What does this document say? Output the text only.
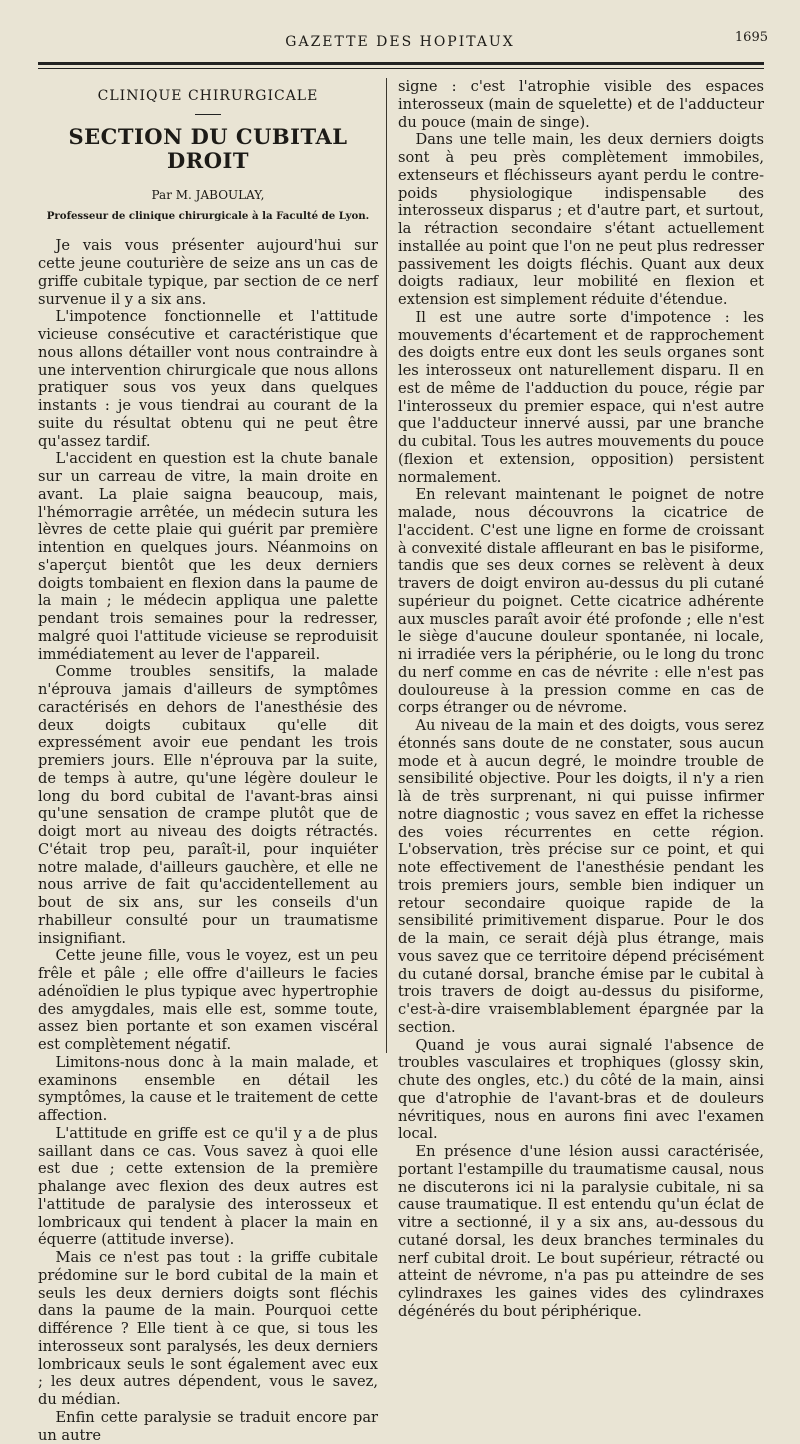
GAZETTE DES HOPITAUX	1695
CLINIQUE CHIRURGICALE
SECTION DU CUBITAL DROIT
Par M. JABOULAY,
Professeur de clinique chirurgicale à la Faculté de Lyon.

Je vais vous présenter aujourd'hui sur cette jeune couturière de seize ans un cas de griffe cubitale typique, par section de ce nerf survenue il y a six ans.

L'impotence fonctionnelle et l'attitude vicieuse consécutive et caractéristique que nous allons détailler vont nous contraindre à une intervention chirurgicale que nous allons pratiquer sous vos yeux dans quelques instants : je vous tiendrai au courant de la suite du résultat obtenu qui ne peut être qu'assez tardif.

L'accident en question est la chute banale sur un carreau de vitre, la main droite en avant. La plaie saigna beaucoup, mais, l'hémorragie arrêtée, un médecin sutura les lèvres de cette plaie qui guérit par première intention en quelques jours. Néanmoins on s'aperçut bientôt que les deux derniers doigts tombaient en flexion dans la paume de la main ; le médecin appliqua une palette pendant trois semaines pour la redresser, malgré quoi l'attitude vicieuse se reproduisit immédiatement au lever de l'appareil.

Comme troubles sensitifs, la malade n'éprouva jamais d'ailleurs de symptômes caractérisés en dehors de l'anesthésie des deux doigts cubitaux qu'elle dit expressément avoir eue pendant les trois premiers jours. Elle n'éprouva par la suite, de temps à autre, qu'une légère douleur le long du bord cubital de l'avant-bras ainsi qu'une sensation de crampe plutôt que de doigt mort au niveau des doigts rétractés. C'était trop peu, paraît-il, pour inquiéter notre malade, d'ailleurs gauchère, et elle ne nous arrive de fait qu'accidentellement au bout de six ans, sur les conseils d'un rhabilleur consulté pour un traumatisme insignifiant.

Cette jeune fille, vous le voyez, est un peu frêle et pâle ; elle offre d'ailleurs le facies adénoïdien le plus typique avec hypertrophie des amygdales, mais elle est, somme toute, assez bien portante et son examen viscéral est complètement négatif.

Limitons-nous donc à la main malade, et examinons ensemble en détail les symptômes, la cause et le traitement de cette affection.

L'attitude en griffe est ce qu'il y a de plus saillant dans ce cas. Vous savez à quoi elle est due ; cette extension de la première phalange avec flexion des deux autres est l'attitude de paralysie des interosseux et lombricaux qui tendent à placer la main en équerre (attitude inverse).

Mais ce n'est pas tout : la griffe cubitale prédomine sur le bord cubital de la main et seuls les deux derniers doigts sont fléchis dans la paume de la main. Pourquoi cette différence ? Elle tient à ce que, si tous les interosseux sont paralysés, les deux derniers lombricaux seuls le sont également avec eux ; les deux autres dépendent, vous le savez, du médian.

Enfin cette paralysie se traduit encore par un autre

signe : c'est l'atrophie visible des espaces interosseux (main de squelette) et de l'adducteur du pouce (main de singe).

Dans une telle main, les deux derniers doigts sont à peu près complètement immobiles, extenseurs et fléchisseurs ayant perdu le contre-poids physiologique indispensable des interosseux disparus ; et d'autre part, et surtout, la rétraction secondaire s'étant actuellement installée au point que l'on ne peut plus redresser passivement les doigts fléchis. Quant aux deux doigts radiaux, leur mobilité en flexion et extension est simplement réduite d'étendue.

Il est une autre sorte d'impotence : les mouvements d'écartement et de rapprochement des doigts entre eux dont les seuls organes sont les interosseux ont naturellement disparu. Il en est de même de l'adduction du pouce, régie par l'interosseux du premier espace, qui n'est autre que l'adducteur innervé aussi, par une branche du cubital. Tous les autres mouvements du pouce (flexion et extension, opposition) persistent normalement.

En relevant maintenant le poignet de notre malade, nous découvrons la cicatrice de l'accident. C'est une ligne en forme de croissant à convexité distale affleurant en bas le pisiforme, tandis que ses deux cornes se relèvent à deux travers de doigt environ au-dessus du pli cutané supérieur du poignet. Cette cicatrice adhérente aux muscles paraît avoir été profonde ; elle n'est le siège d'aucune douleur spontanée, ni locale, ni irradiée vers la périphérie, ou le long du tronc du nerf comme en cas de névrite : elle n'est pas douloureuse à la pression comme en cas de corps étranger ou de névrome.

Au niveau de la main et des doigts, vous serez étonnés sans doute de ne constater, sous aucun mode et à aucun degré, le moindre trouble de sensibilité objective. Pour les doigts, il n'y a rien là de très surprenant, ni qui puisse infirmer notre diagnostic ; vous savez en effet la richesse des voies récurrentes en cette région. L'observation, très précise sur ce point, et qui note effectivement de l'anesthésie pendant les trois premiers jours, semble bien indiquer un retour secondaire quoique rapide de la sensibilité primitivement disparue. Pour le dos de la main, ce serait déjà plus étrange, mais vous savez que ce territoire dépend précisément du cutané dorsal, branche émise par le cubital à trois travers de doigt au-dessus du pisiforme, c'est-à-dire vraisemblablement épargnée par la section.

Quand je vous aurai signalé l'absence de troubles vasculaires et trophiques (glossy skin, chute des ongles, etc.) du côté de la main, ainsi que d'atrophie de l'avant-bras et de douleurs névritiques, nous en aurons fini avec l'examen local.

En présence d'une lésion aussi caractérisée, portant l'estampille du traumatisme causal, nous ne discuterons ici ni la paralysie cubitale, ni sa cause traumatique. Il est entendu qu'un éclat de vitre a sectionné, il y a six ans, au-dessous du cutané dorsal, les deux branches terminales du nerf cubital droit. Le bout supérieur, rétracté ou atteint de névrome, n'a pas pu atteindre de ses cylindraxes les gaines vides des cylindraxes dégénérés du bout périphérique.
